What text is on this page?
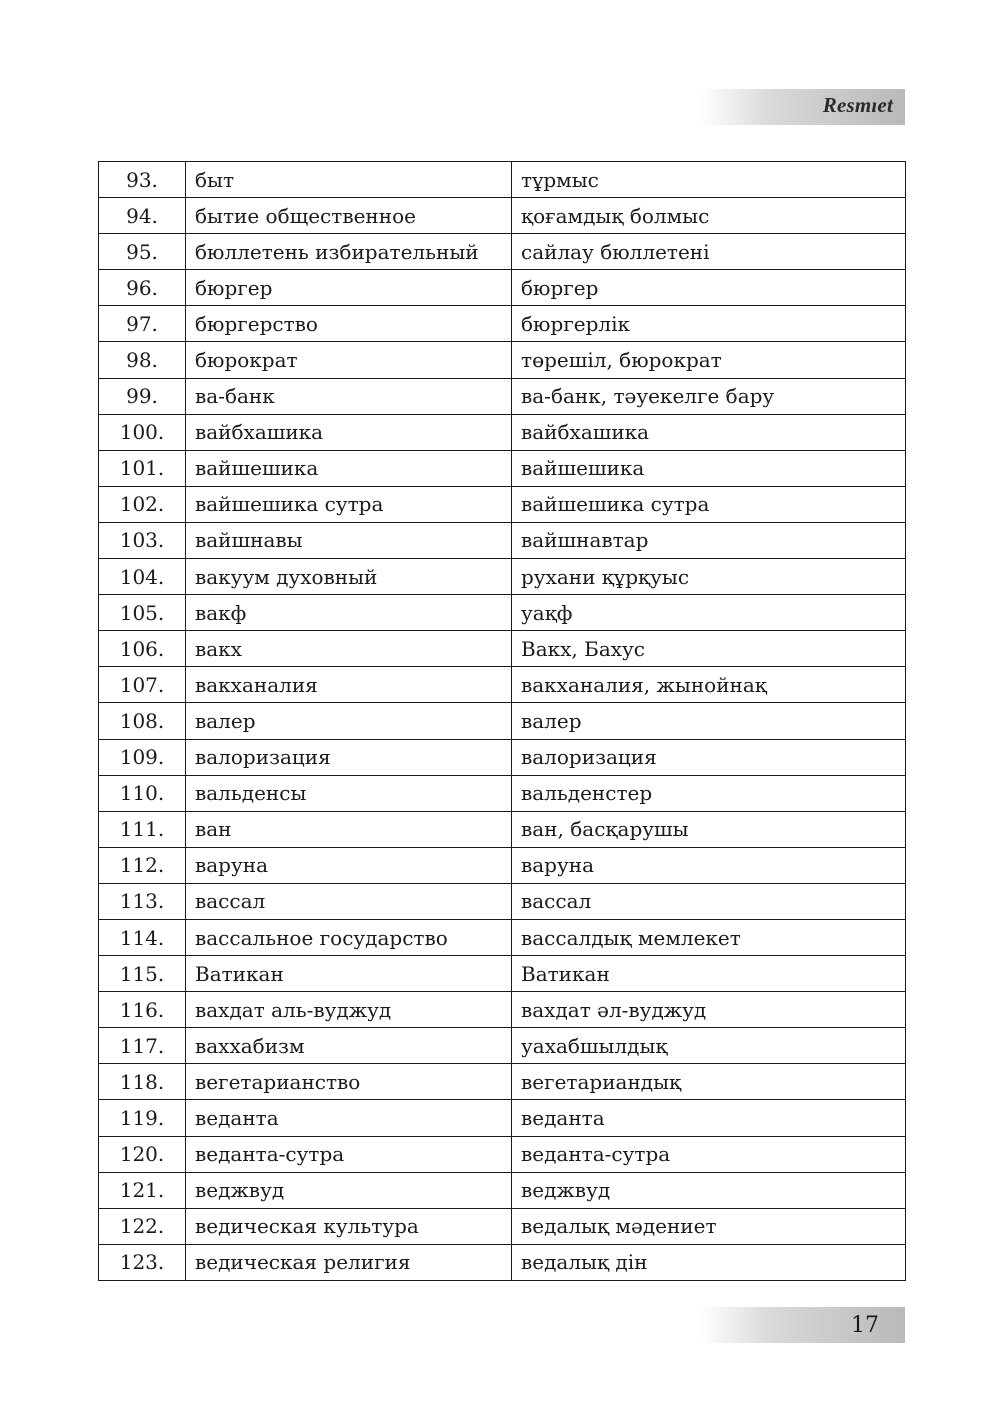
Resmıet
93.	быт	тұрмыс
94.	бытие общественное	қоғамдық болмыс
95.	бюллетень избирательный	сайлау бюллетені
96.	бюргер	бюргер
97.	бюргерство	бюргерлік
98.	бюрократ	төрешіл, бюрократ
99.	ва-банк	ва-банк, тәуекелге бару
100.	вайбхашика	вайбхашика
101.	вайшешика	вайшешика
102.	вайшешика сутра	вайшешика сутра
103.	вайшнавы	вайшнавтар
104.	вакуум духовный	рухани құрқуыс
105.	вакф	уақф
106.	вакх	Вакх, Бахус
107.	вакханалия	вакханалия, жынойнақ
108.	валер	валер
109.	валоризация	валоризация
110.	вальденсы	вальденстер
111.	ван	ван, басқарушы
112.	варуна	варуна
113.	вассал	вассал
114.	вассальное государство	вассалдық мемлекет
115.	Ватикан	Ватикан
116.	вахдат аль-вуджуд	вахдат әл-вуджуд
117.	ваххабизм	уахабшылдық
118.	вегетарианство	вегетариандық
119.	веданта	веданта
120.	веданта-сутра	веданта-сутра
121.	веджвуд	веджвуд
122.	ведическая культура	ведалық мәдениет
123.	ведическая религия	ведалық дін
17
